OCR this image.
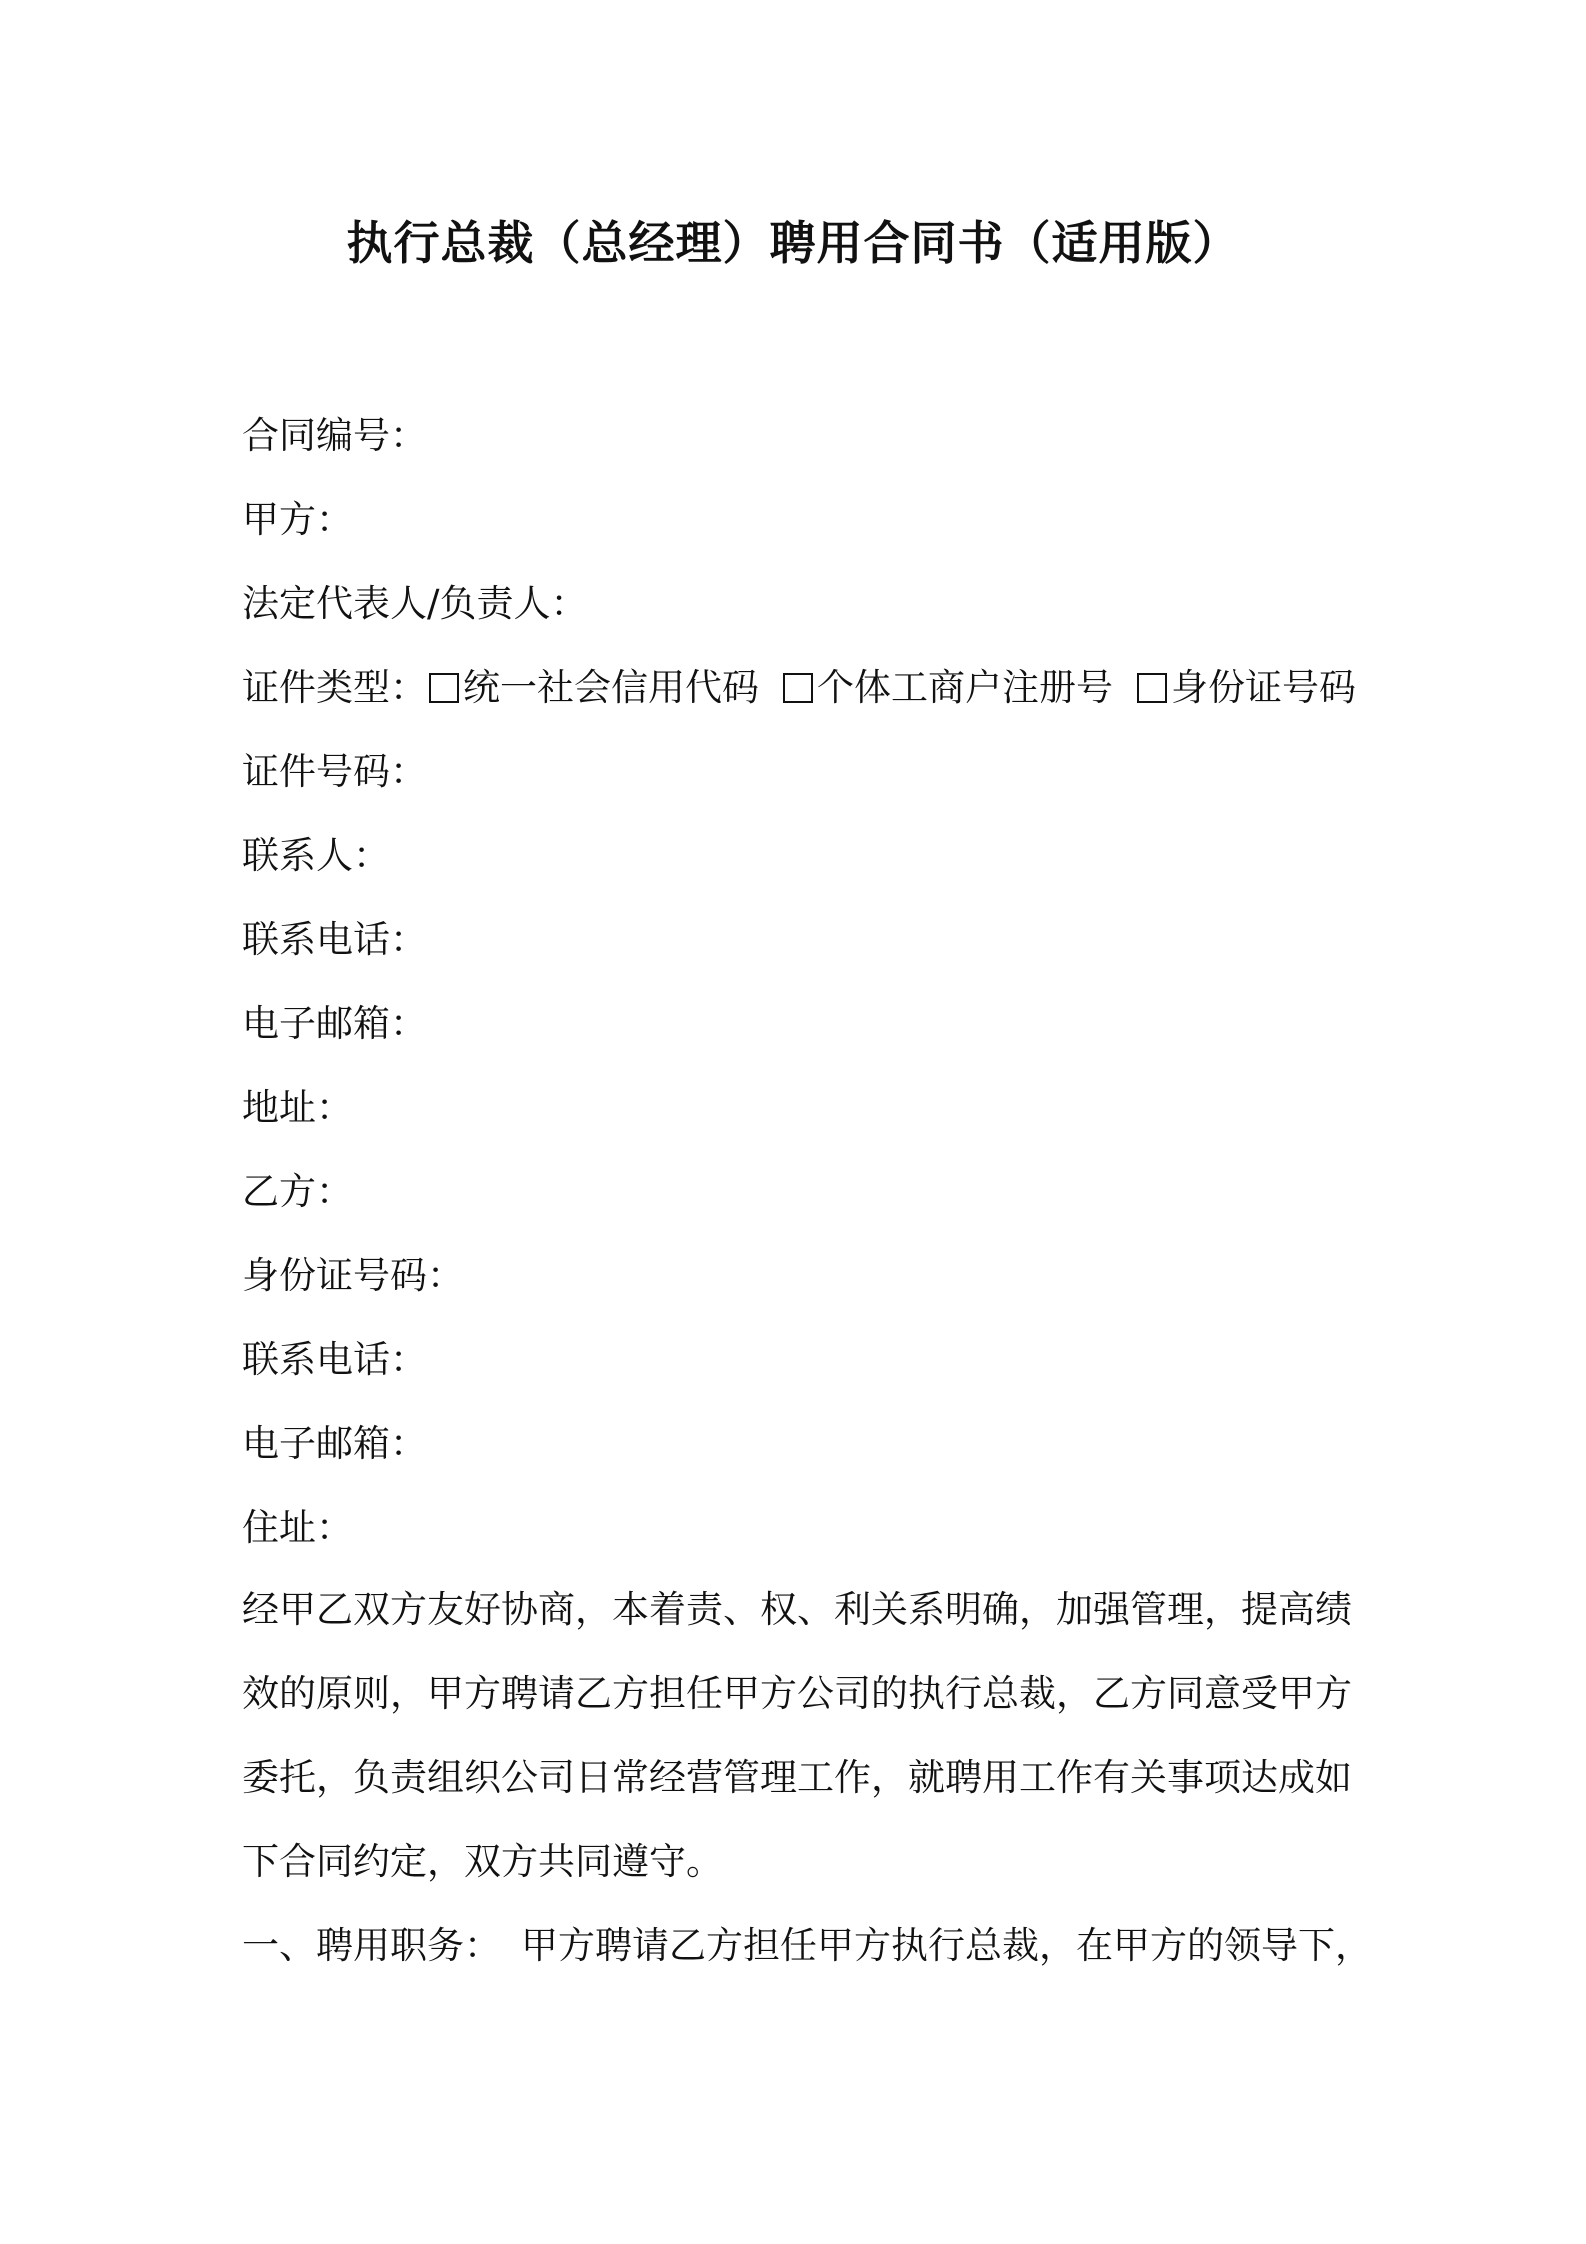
执行总裁（总经理）聘用合同书（适用版）
合同编号：
甲方：
法定代表人/负责人：
证件类型： 统一社会信用代码 个体工商户注册号 身份证号码
证件号码：
联系人：
联系电话：
电子邮箱：
地址：
乙方：
身份证号码：
联系电话：
电子邮箱：
住址：
经甲乙双方友好协商，本着责、权、利关系明确，加强管理，提高绩
效的原则，甲方聘请乙方担任甲方公司的执行总裁，乙方同意受甲方
委托，负责组织公司日常经营管理工作，就聘用工作有关事项达成如
下合同约定，双方共同遵守。
一、聘用职务： 甲方聘请乙方担任甲方执行总裁，在甲方的领导下，
